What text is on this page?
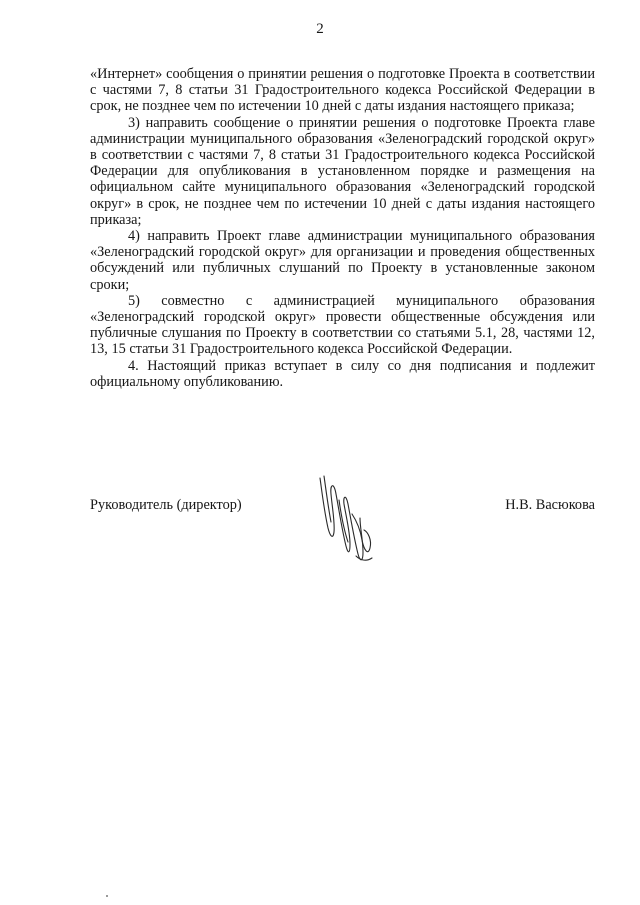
2

«Интернет» сообщения о принятии решения о подготовке Проекта в соответствии с частями 7, 8 статьи 31 Градостроительного кодекса Российской Федерации в срок, не позднее чем по истечении 10 дней с даты издания настоящего приказа;

3) направить сообщение о принятии решения о подготовке Проекта главе администрации муниципального образования «Зеленоградский городской округ» в соответствии с частями 7, 8 статьи 31 Градостроительного кодекса Российской Федерации для опубликования в установленном порядке и размещения на официальном сайте муниципального образования «Зеленоградский городской округ» в срок, не позднее чем по истечении 10 дней с даты издания настоящего приказа;

4) направить Проект главе администрации муниципального образования «Зеленоградский городской округ» для организации и проведения общественных обсуждений или публичных слушаний по Проекту в установленные законом сроки;

5) совместно с администрацией муниципального образования «Зеленоградский городской округ» провести общественные обсуждения или публичные слушания по Проекту в соответствии со статьями 5.1, 28, частями 12, 13, 15 статьи 31 Градостроительного кодекса Российской Федерации.

4. Настоящий приказ вступает в силу со дня подписания и подлежит официальному опубликованию.

Руководитель (директор)	Н.В. Васюкова
